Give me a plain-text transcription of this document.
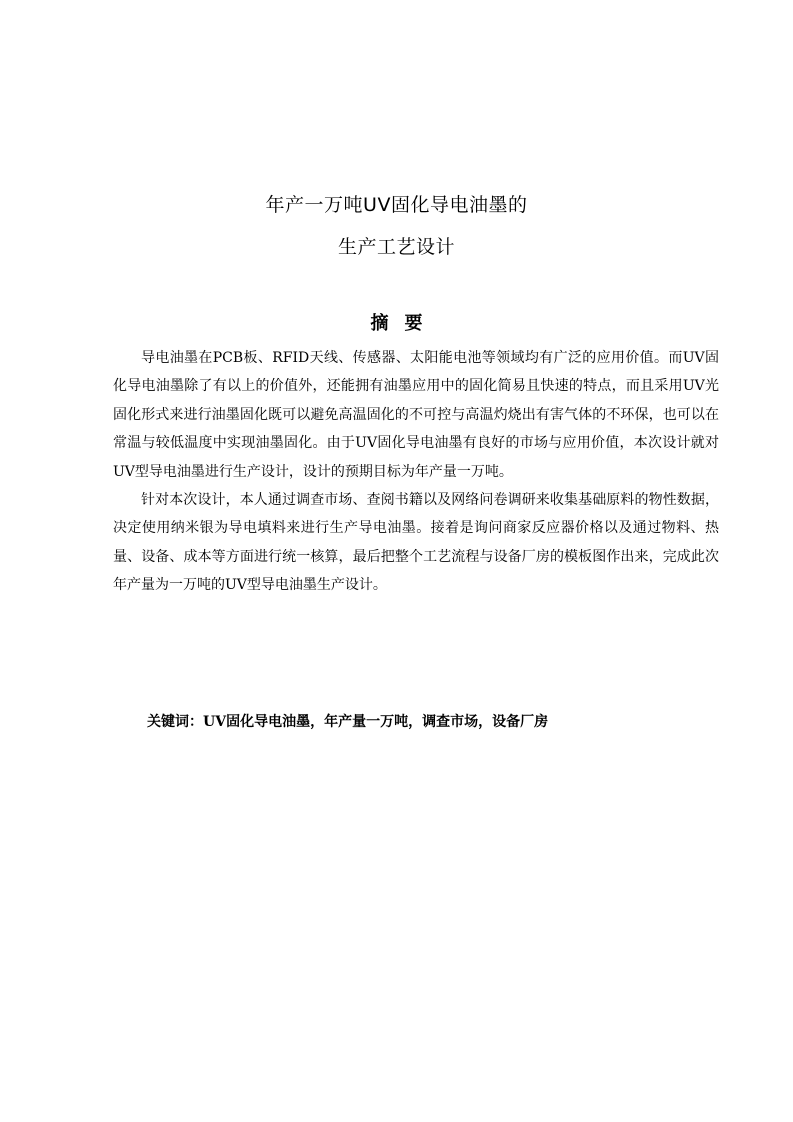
年产一万吨UV固化导电油墨的

生产工艺设计

摘要

导电油墨在PCB板、RFID天线、传感器、太阳能电池等领域均有广泛的应用价值。而UV固化导电油墨除了有以上的价值外，还能拥有油墨应用中的固化简易且快速的特点，而且采用UV光固化形式来进行油墨固化既可以避免高温固化的不可控与高温灼烧出有害气体的不环保，也可以在常温与较低温度中实现油墨固化。由于UV固化导电油墨有良好的市场与应用价值，本次设计就对UV型导电油墨进行生产设计，设计的预期目标为年产量一万吨。

针对本次设计，本人通过调查市场、查阅书籍以及网络问卷调研来收集基础原料的物性数据，决定使用纳米银为导电填料来进行生产导电油墨。接着是询问商家反应器价格以及通过物料、热量、设备、成本等方面进行统一核算，最后把整个工艺流程与设备厂房的模板图作出来，完成此次年产量为一万吨的UV型导电油墨生产设计。

关键词：UV固化导电油墨，年产量一万吨，调查市场，设备厂房
